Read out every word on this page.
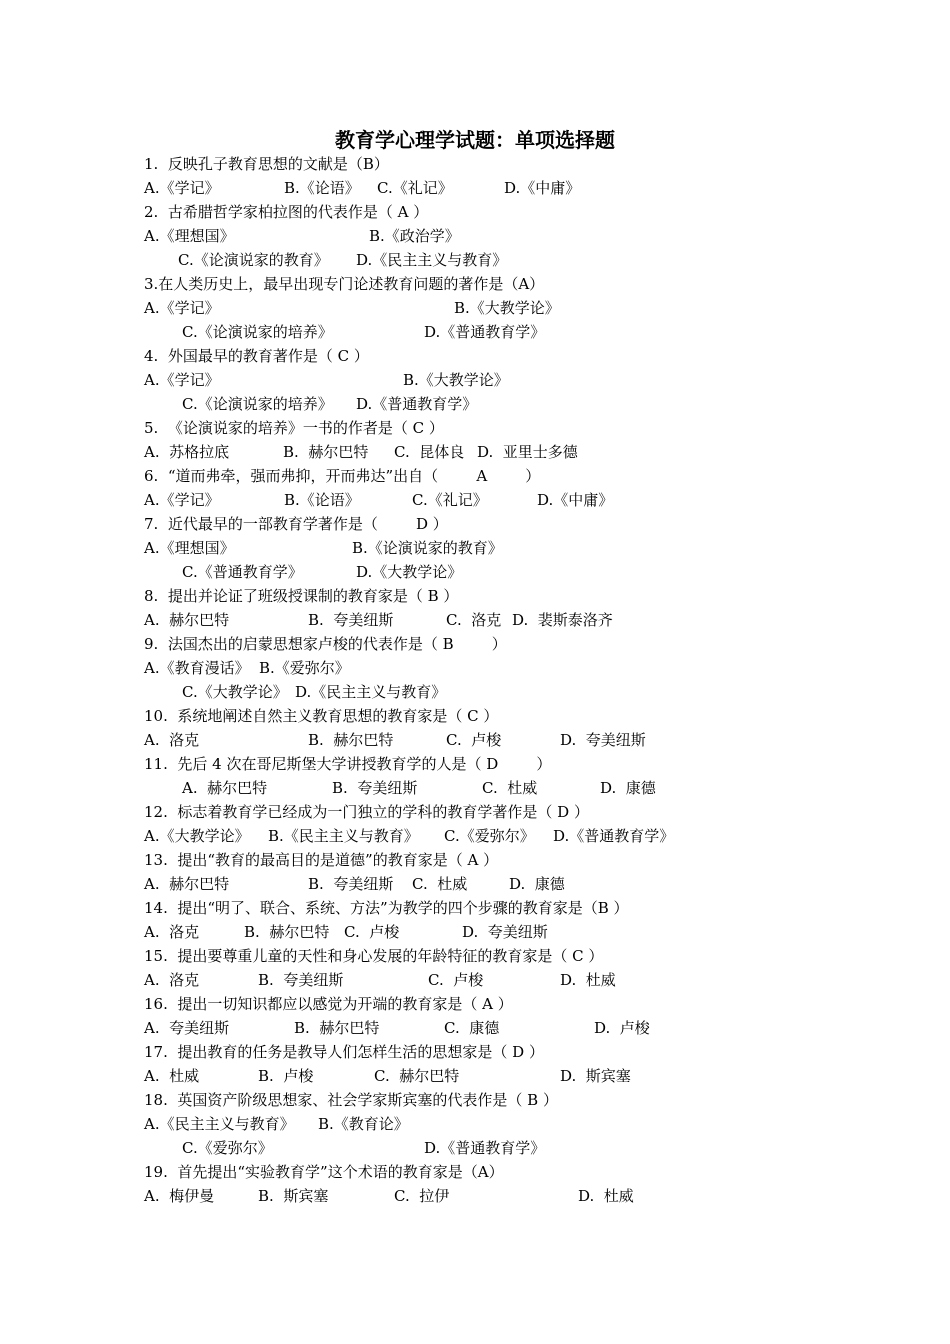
教育学心理学试题：单项选择题
1.  反映孔子教育思想的文献是（B）
A.《学记》	B.《论语》 C.《礼记》	D.《中庸》
2.  古希腊哲学家柏拉图的代表作是（ A ）
A.《理想国》	B.《政治学》
C.《论演说家的教育》 D.《民主主义与教育》
3.在人类历史上，最早出现专门论述教育问题的著作是（A）
A.《学记》	B.《大教学论》
C.《论演说家的培养》	D.《普通教育学》
4.  外国最早的教育著作是（ C ）
A.《学记》	B.《大教学论》
C.《论演说家的培养》 D.《普通教育学》
5.  《论演说家的培养》一书的作者是（ C ）
A.  苏格拉底	B.  赫尔巴特 C.  昆体良 D.  亚里士多德
6.  “道而弗牵，强而弗抑，开而弗达”出自（        A        ）
A.《学记》	B.《论语》	C.《礼记》	D.《中庸》
7.  近代最早的一部教育学著作是（        D ）
A.《理想国》	B.《论演说家的教育》
C.《普通教育学》	D.《大教学论》
8.  提出并论证了班级授课制的教育家是（ B ）
A.  赫尔巴特	B.  夸美纽斯	C.  洛克 D.  裴斯泰洛齐
9.  法国杰出的启蒙思想家卢梭的代表作是（ B        ）
A.《教育漫话》 B.《爱弥尔》
C.《大教学论》 D.《民主主义与教育》
10.  系统地阐述自然主义教育思想的教育家是（ C ）
A.  洛克	B.  赫尔巴特	C.  卢梭	D.  夸美纽斯
11.  先后 4 次在哥尼斯堡大学讲授教育学的人是（ D        ）
A.  赫尔巴特	B.  夸美纽斯	C.  杜威	D.  康德
12.  标志着教育学已经成为一门独立的学科的教育学著作是（ D ）
A.《大教学论》 B.《民主主义与教育》 C.《爱弥尔》 D.《普通教育学》
13.  提出“教育的最高目的是道德”的教育家是（ A ）
A.  赫尔巴特	B.  夸美纽斯 C.  杜威	D.  康德
14.  提出“明了、联合、系统、方法”为教学的四个步骤的教育家是（B ）
A.  洛克	B.  赫尔巴特 C.  卢梭	D.  夸美纽斯
15.  提出要尊重儿童的天性和身心发展的年龄特征的教育家是（ C ）
A.  洛克	B.  夸美纽斯	C.  卢梭	D.  杜威
16.  提出一切知识都应以感觉为开端的教育家是（ A ）
A.  夸美纽斯	B.  赫尔巴特	C.  康德	D.  卢梭
17.  提出教育的任务是教导人们怎样生活的思想家是（ D ）
A.  杜威	B.  卢梭	C.  赫尔巴特	D.  斯宾塞
18.  英国资产阶级思想家、社会学家斯宾塞的代表作是（ B ）
A.《民主主义与教育》 B.《教育论》
C.《爱弥尔》	D.《普通教育学》
19.  首先提出“实验教育学”这个术语的教育家是（A）
A.  梅伊曼	B.  斯宾塞	C.  拉伊	D.  杜威
